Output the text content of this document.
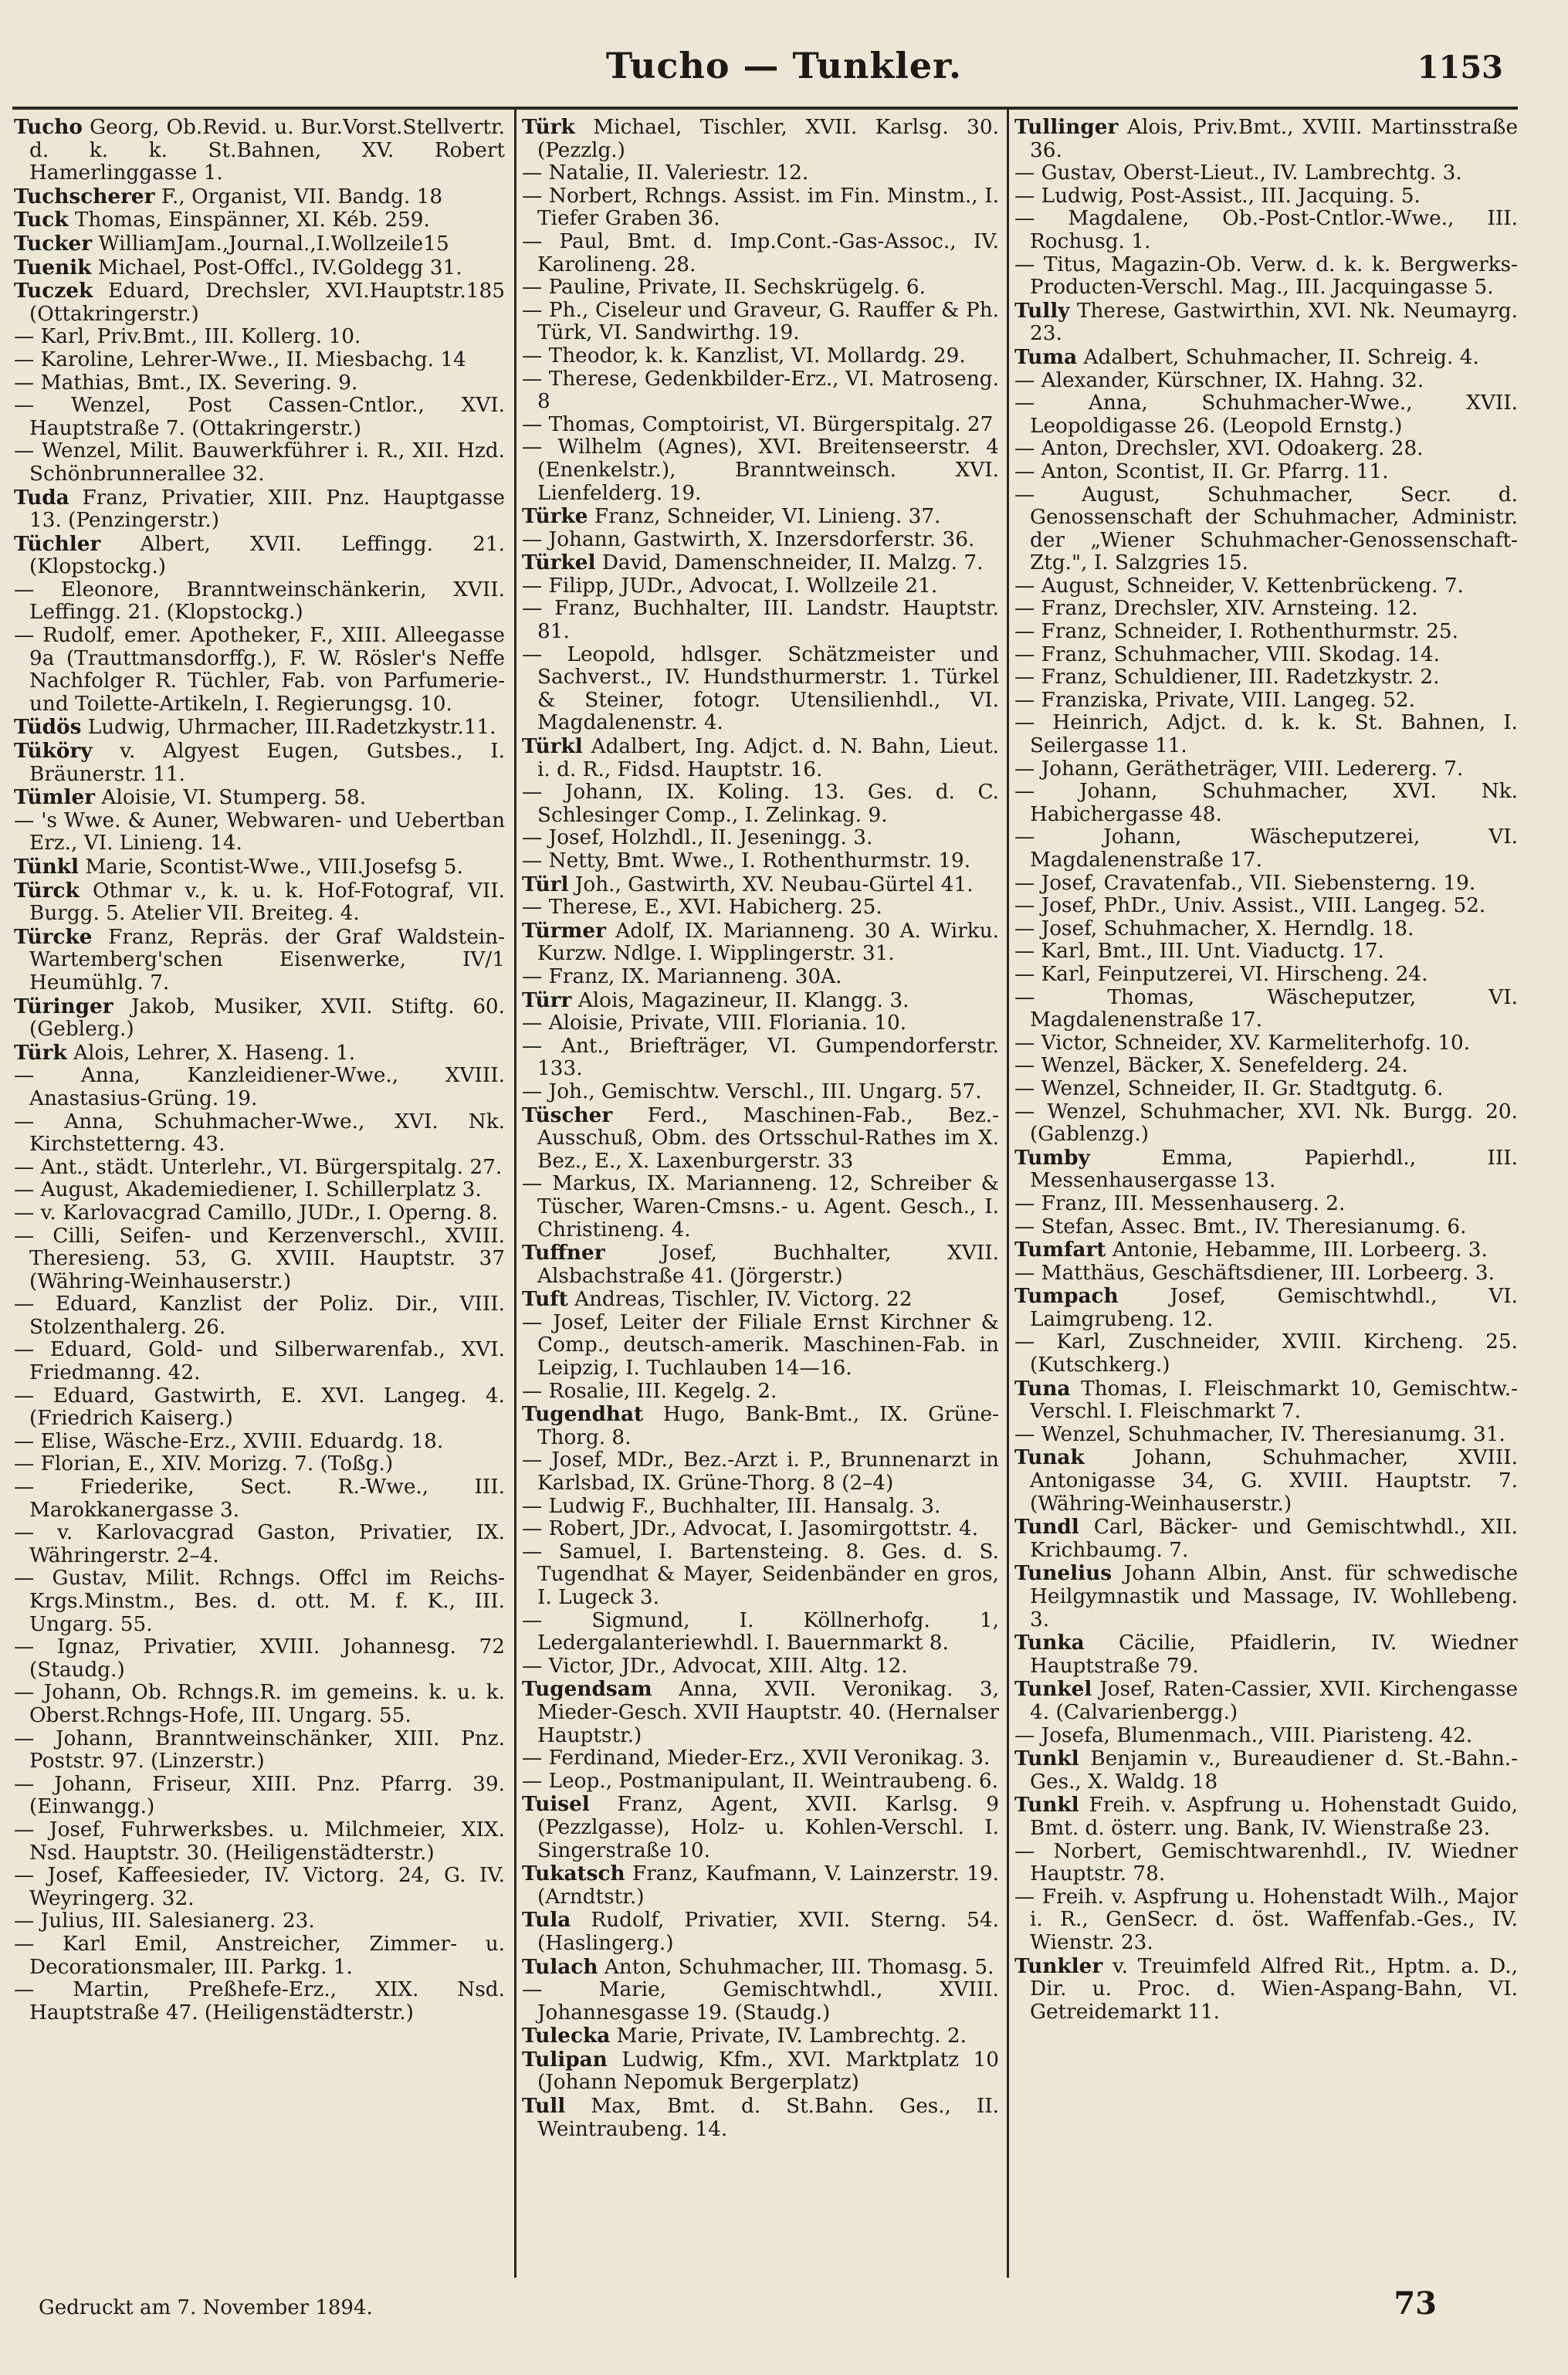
Tucho — Tunkler.	1153

Tucho Georg, Ob.Revid. u. Bur.Vorst.Stellvertr. d. k. k. St.Bahnen, XV. Robert Hamerlinggasse 1.

Tuchscherer F., Organist, VII. Bandg. 18

Tuck Thomas, Einspänner, XI. Kéb. 259.

Tucker WilliamJam.,Journal.,I.Wollzeile15

Tuenik Michael, Post-Offcl., IV.Goldegg 31.

Tuczek Eduard, Drechsler, XVI.Hauptstr.185 (Ottakringerstr.)

— Karl, Priv.Bmt., III. Kollerg. 10.

— Karoline, Lehrer-Wwe., II. Miesbachg. 14

— Mathias, Bmt., IX. Severing. 9.

— Wenzel, Post Cassen-Cntlor., XVI. Hauptstraße 7. (Ottakringerstr.)

— Wenzel, Milit. Bauwerkführer i. R., XII. Hzd. Schönbrunnerallee 32.

Tuda Franz, Privatier, XIII. Pnz. Hauptgasse 13. (Penzingerstr.)

Tüchler Albert, XVII. Leffingg. 21. (Klopstockg.)

— Eleonore, Branntweinschänkerin, XVII. Leffingg. 21. (Klopstockg.)

— Rudolf, emer. Apotheker, F., XIII. Alleegasse 9a (Trauttmansdorffg.), F. W. Rösler's Neffe Nachfolger R. Tüchler, Fab. von Parfumerie- und Toilette-Artikeln, I. Regierungsg. 10.

Tüdös Ludwig, Uhrmacher, III.Radetzkystr.11.

Tüköry v. Algyest Eugen, Gutsbes., I. Bräunerstr. 11.

Tümler Aloisie, VI. Stumperg. 58.

— 's Wwe. & Auner, Webwaren- und Uebertban Erz., VI. Linieng. 14.

Tünkl Marie, Scontist-Wwe., VIII.Josefsg 5.

Türck Othmar v., k. u. k. Hof-Fotograf, VII. Burgg. 5. Atelier VII. Breiteg. 4.

Türcke Franz, Repräs. der Graf Waldstein-Wartemberg'schen Eisenwerke, IV/1 Heumühlg. 7.

Türinger Jakob, Musiker, XVII. Stiftg. 60. (Geblerg.)

Türk Alois, Lehrer, X. Haseng. 1.

— Anna, Kanzleidiener-Wwe., XVIII. Anastasius-Grüng. 19.

— Anna, Schuhmacher-Wwe., XVI. Nk. Kirchstetterng. 43.

— Ant., städt. Unterlehr., VI. Bürgerspitalg. 27.

— August, Akademiediener, I. Schillerplatz 3.

— v. Karlovacgrad Camillo, JUDr., I. Operng. 8.

— Cilli, Seifen- und Kerzenverschl., XVIII. Theresieng. 53, G. XVIII. Hauptstr. 37 (Währing-Weinhauserstr.)

— Eduard, Kanzlist der Poliz. Dir., VIII. Stolzenthalerg. 26.

— Eduard, Gold- und Silberwarenfab., XVI. Friedmanng. 42.

— Eduard, Gastwirth, E. XVI. Langeg. 4. (Friedrich Kaiserg.)

— Elise, Wäsche-Erz., XVIII. Eduardg. 18.

— Florian, E., XIV. Morizg. 7. (Toßg.)

— Friederike, Sect. R.-Wwe., III. Marokkanergasse 3.

— v. Karlovacgrad Gaston, Privatier, IX. Währingerstr. 2–4.

— Gustav, Milit. Rchngs. Offcl im Reichs-Krgs.Minstm., Bes. d. ott. M. f. K., III. Ungarg. 55.

— Ignaz, Privatier, XVIII. Johannesg. 72 (Staudg.)

— Johann, Ob. Rchngs.R. im gemeins. k. u. k. Oberst.Rchngs-Hofe, III. Ungarg. 55.

— Johann, Branntweinschänker, XIII. Pnz. Poststr. 97. (Linzerstr.)

— Johann, Friseur, XIII. Pnz. Pfarrg. 39. (Einwangg.)

— Josef, Fuhrwerksbes. u. Milchmeier, XIX. Nsd. Hauptstr. 30. (Heiligenstädterstr.)

— Josef, Kaffeesieder, IV. Victorg. 24, G. IV. Weyringerg. 32.

— Julius, III. Salesianerg. 23.

— Karl Emil, Anstreicher, Zimmer- u. Decorationsmaler, III. Parkg. 1.

— Martin, Preßhefe-Erz., XIX. Nsd. Hauptstraße 47. (Heiligenstädterstr.)

Türk Michael, Tischler, XVII. Karlsg. 30. (Pezzlg.)

— Natalie, II. Valeriestr. 12.

— Norbert, Rchngs. Assist. im Fin. Minstm., I. Tiefer Graben 36.

— Paul, Bmt. d. Imp.Cont.-Gas-Assoc., IV. Karolineng. 28.

— Pauline, Private, II. Sechskrügelg. 6.

— Ph., Ciseleur und Graveur, G. Rauffer & Ph. Türk, VI. Sandwirthg. 19.

— Theodor, k. k. Kanzlist, VI. Mollardg. 29.

— Therese, Gedenkbilder-Erz., VI. Matroseng. 8

— Thomas, Comptoirist, VI. Bürgerspitalg. 27

— Wilhelm (Agnes), XVI. Breitenseerstr. 4 (Enenkelstr.), Branntweinsch. XVI. Lienfelderg. 19.

Türke Franz, Schneider, VI. Linieng. 37.

— Johann, Gastwirth, X. Inzersdorferstr. 36.

Türkel David, Damenschneider, II. Malzg. 7.

— Filipp, JUDr., Advocat, I. Wollzeile 21.

— Franz, Buchhalter, III. Landstr. Hauptstr. 81.

— Leopold, hdlsger. Schätzmeister und Sachverst., IV. Hundsthurmerstr. 1. Türkel & Steiner, fotogr. Utensilienhdl., VI. Magdalenenstr. 4.

Türkl Adalbert, Ing. Adjct. d. N. Bahn, Lieut. i. d. R., Fidsd. Hauptstr. 16.

— Johann, IX. Koling. 13. Ges. d. C. Schlesinger Comp., I. Zelinkag. 9.

— Josef, Holzhdl., II. Jeseningg. 3.

— Netty, Bmt. Wwe., I. Rothenthurmstr. 19.

Türl Joh., Gastwirth, XV. Neubau-Gürtel 41.

— Therese, E., XVI. Habicherg. 25.

Türmer Adolf, IX. Marianneng. 30 A. Wirku. Kurzw. Ndlge. I. Wipplingerstr. 31.

— Franz, IX. Marianneng. 30A.

Türr Alois, Magazineur, II. Klangg. 3.

— Aloisie, Private, VIII. Floriania. 10.

— Ant., Briefträger, VI. Gumpendorferstr. 133.

— Joh., Gemischtw. Verschl., III. Ungarg. 57.

Tüscher Ferd., Maschinen-Fab., Bez.-Ausschuß, Obm. des Ortsschul-Rathes im X. Bez., E., X. Laxenburgerstr. 33

— Markus, IX. Marianneng. 12, Schreiber & Tüscher, Waren-Cmsns.- u. Agent. Gesch., I. Christineng. 4.

Tuffner	Josef, Buchhalter, XVII. Alsbachstraße 41. (Jörgerstr.)

Tuft Andreas, Tischler, IV. Victorg. 22

— Josef, Leiter der Filiale Ernst Kirchner & Comp., deutsch-amerik. Maschinen-Fab. in Leipzig, I. Tuchlauben 14—16.

— Rosalie, III. Kegelg. 2.

Tugendhat Hugo, Bank-Bmt., IX. Grüne-Thorg. 8.

— Josef, MDr., Bez.-Arzt i. P., Brunnenarzt in Karlsbad, IX. Grüne-Thorg. 8 (2–4)

— Ludwig F., Buchhalter, III. Hansalg. 3.

— Robert, JDr., Advocat, I. Jasomirgottstr. 4.

— Samuel, I. Bartensteing. 8. Ges. d. S. Tugendhat & Mayer, Seidenbänder en gros, I. Lugeck 3.

— Sigmund, I. Köllnerhofg. 1, Ledergalanteriewhdl. I. Bauernmarkt 8.

— Victor, JDr., Advocat, XIII. Altg. 12.

Tugendsam Anna, XVII. Veronikag. 3, Mieder-Gesch. XVII Hauptstr. 40. (Hernalser Hauptstr.)

— Ferdinand, Mieder-Erz., XVII Veronikag. 3.

— Leop., Postmanipulant, II. Weintraubeng. 6.

Tuisel Franz, Agent, XVII. Karlsg. 9 (Pezzlgasse), Holz- u. Kohlen-Verschl. I. Singerstraße 10.

Tukatsch Franz, Kaufmann, V. Lainzerstr. 19. (Arndtstr.)

Tula Rudolf, Privatier, XVII. Sterng. 54. (Haslingerg.)

Tulach Anton, Schuhmacher, III. Thomasg. 5.

— Marie, Gemischtwhdl., XVIII. Johannesgasse 19. (Staudg.)

Tulecka Marie, Private, IV. Lambrechtg. 2.

Tulipan Ludwig, Kfm., XVI. Marktplatz 10 (Johann Nepomuk Bergerplatz)

Tull Max, Bmt. d. St.Bahn. Ges., II. Weintraubeng. 14.

Tullinger Alois, Priv.Bmt., XVIII. Martinsstraße 36.

— Gustav, Oberst-Lieut., IV. Lambrechtg. 3.

— Ludwig, Post-Assist., III. Jacquing. 5.

— Magdalene, Ob.-Post-Cntlor.-Wwe., III. Rochusg. 1.

— Titus, Magazin-Ob. Verw. d. k. k. Bergwerks-Producten-Verschl. Mag., III. Jacquingasse 5.

Tully Therese, Gastwirthin, XVI. Nk. Neumayrg. 23.

Tuma Adalbert, Schuhmacher, II. Schreig. 4.

— Alexander, Kürschner, IX. Hahng. 32.

— Anna, Schuhmacher-Wwe., XVII. Leopoldigasse 26. (Leopold Ernstg.)

— Anton, Drechsler, XVI. Odoakerg. 28.

— Anton, Scontist, II. Gr. Pfarrg. 11.

— August, Schuhmacher, Secr. d. Genossenschaft der Schuhmacher, Administr. der „Wiener Schuhmacher-Genossenschaft-Ztg.", I. Salzgries 15.

— August, Schneider, V. Kettenbrückeng. 7.

— Franz, Drechsler, XIV. Arnsteing. 12.

— Franz, Schneider, I. Rothenthurmstr. 25.

— Franz, Schuhmacher, VIII. Skodag. 14.

— Franz, Schuldiener, III. Radetzkystr. 2.

— Franziska, Private, VIII. Langeg. 52.

— Heinrich, Adjct. d. k. k. St. Bahnen, I. Seilergasse 11.

— Johann, Gerätheträger, VIII. Ledererg. 7.

— Johann, Schuhmacher, XVI. Nk. Habichergasse 48.

— Johann, Wäscheputzerei, VI. Magdalenenstraße 17.

— Josef, Cravatenfab., VII. Siebensterng. 19.

— Josef, PhDr., Univ. Assist., VIII. Langeg. 52.

— Josef, Schuhmacher, X. Herndlg. 18.

— Karl, Bmt., III. Unt. Viaductg. 17.

— Karl, Feinputzerei, VI. Hirscheng. 24.

— Thomas, Wäscheputzer, VI. Magdalenenstraße 17.

— Victor, Schneider, XV. Karmeliterhofg. 10.

— Wenzel, Bäcker, X. Senefelderg. 24.

— Wenzel, Schneider, II. Gr. Stadtgutg. 6.

— Wenzel, Schuhmacher, XVI. Nk. Burgg. 20. (Gablenzg.)

Tumby	Emma, Papierhdl., III. Messenhausergasse 13.

— Franz, III. Messenhauserg. 2.

— Stefan, Assec. Bmt., IV. Theresianumg. 6.

Tumfart Antonie, Hebamme, III. Lorbeerg. 3.

— Matthäus, Geschäftsdiener, III. Lorbeerg. 3.

Tumpach	Josef, Gemischtwhdl., VI. Laimgrubeng. 12.

— Karl, Zuschneider, XVIII. Kircheng. 25. (Kutschkerg.)

Tuna Thomas, I. Fleischmarkt 10, Gemischtw.-Verschl. I. Fleischmarkt 7.

— Wenzel, Schuhmacher, IV. Theresianumg. 31.

Tunak Johann, Schuhmacher, XVIII. Antonigasse 34, G. XVIII. Hauptstr. 7. (Währing-Weinhauserstr.)

Tundl Carl, Bäcker- und Gemischtwhdl., XII. Krichbaumg. 7.

Tunelius Johann Albin, Anst. für schwedische Heilgymnastik und Massage, IV. Wohllebeng. 3.

Tunka Cäcilie, Pfaidlerin, IV. Wiedner Hauptstraße 79.

Tunkel Josef, Raten-Cassier, XVII. Kirchengasse 4. (Calvarienbergg.)

— Josefa, Blumenmach., VIII. Piaristeng. 42.

Tunkl Benjamin v., Bureaudiener d. St.-Bahn.-Ges., X. Waldg. 18

Tunkl Freih. v. Aspfrung u. Hohenstadt Guido, Bmt. d. österr. ung. Bank, IV. Wienstraße 23.

— Norbert, Gemischtwarenhdl., IV. Wiedner Hauptstr. 78.

— Freih. v. Aspfrung u. Hohenstadt Wilh., Major i. R., GenSecr. d. öst. Waffenfab.-Ges., IV. Wienstr. 23.

Tunkler v. Treuimfeld Alfred Rit., Hptm. a. D., Dir. u. Proc. d. Wien-Aspang-Bahn, VI. Getreidemarkt 11.

Gedruckt am 7. November 1894.	73
